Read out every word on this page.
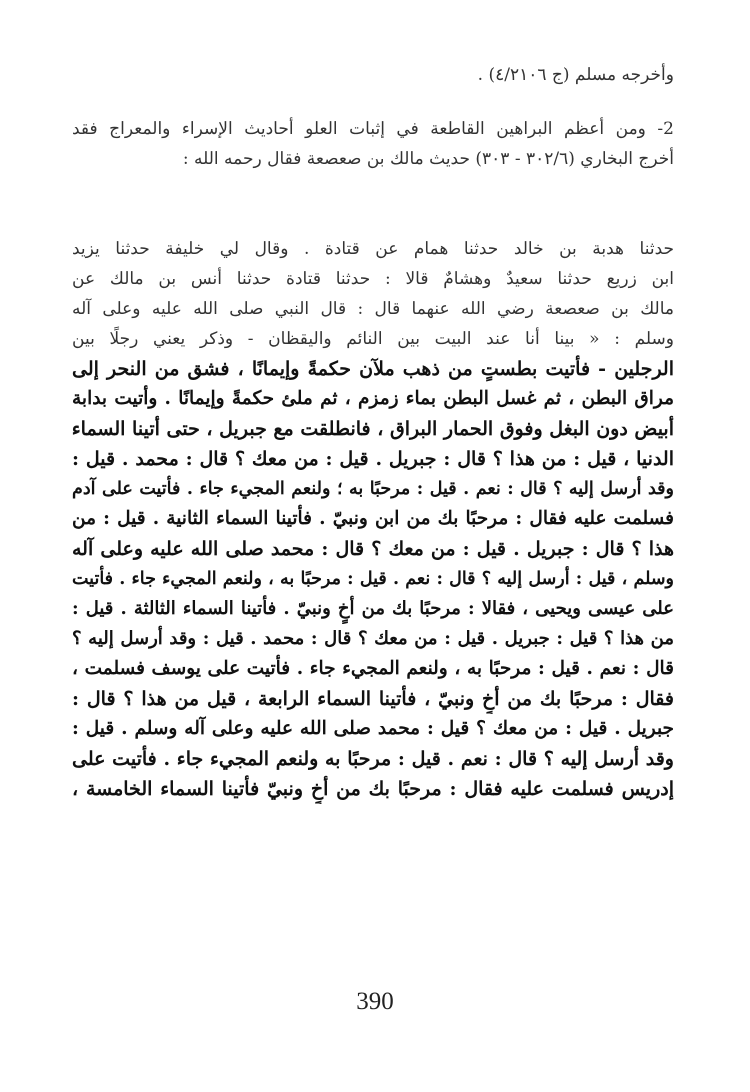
وأخرجه مسلم (ج ٤/٢١٠٦) .
2- ومن أعظم البراهين القاطعة في إثبات العلو أحاديث الإسراء والمعراج فقد
أخرج البخاري (٣٠٢/٦ - ٣٠٣) حديث مالك بن صعصعة فقال رحمه الله :
حدثنا هدبة بن خالد حدثنا همام عن قتادة . وقال لي خليفة حدثنا يزيد
ابن زريع حدثنا سعيدٌ وهشامٌ قالا : حدثنا قتادة حدثنا أنس بن مالك عن
مالك بن صعصعة رضي الله عنهما قال : قال النبي صلى الله عليه وعلى آله
وسلم : « بينا أنا عند البيت بين النائم واليقظان - وذكر يعني رجلًا بين
الرجلين - فأتيت بطستٍ من ذهب ملآن حكمةً وإيمانًا ، فشق من النحر إلى
مراق البطن ، ثم غسل البطن بماء زمزم ، ثم ملئ حكمةً وإيمانًا . وأتيت بدابة
أبيض دون البغل وفوق الحمار البراق ، فانطلقت مع جبريل ، حتى أتينا السماء
الدنيا ، قيل : من هذا ؟ قال : جبريل . قيل : من معك ؟ قال : محمد . قيل :
وقد أرسل إليه ؟ قال : نعم . قيل : مرحبًا به ؛ ولنعم المجيء جاء . فأتيت على آدم
فسلمت عليه فقال : مرحبًا بك من ابن ونبيّ . فأتينا السماء الثانية . قيل : من
هذا ؟ قال : جبريل . قيل : من معك ؟ قال : محمد صلى الله عليه وعلى آله
وسلم ، قيل : أرسل إليه ؟ قال : نعم . قيل : مرحبًا به ، ولنعم المجيء جاء . فأتيت
على عيسى ويحيى ، فقالا : مرحبًا بك من أخٍ ونبيّ . فأتينا السماء الثالثة . قيل :
من هذا ؟ قيل : جبريل . قيل : من معك ؟ قال : محمد . قيل : وقد أرسل إليه ؟
قال : نعم . قيل : مرحبًا به ، ولنعم المجيء جاء . فأتيت على يوسف فسلمت ،
فقال : مرحبًا بك من أخٍ ونبيّ ، فأتينا السماء الرابعة ، قيل من هذا ؟ قال :
جبريل . قيل : من معك ؟ قيل : محمد صلى الله عليه وعلى آله وسلم . قيل :
وقد أرسل إليه ؟ قال : نعم . قيل : مرحبًا به ولنعم المجيء جاء . فأتيت على
إدريس فسلمت عليه فقال : مرحبًا بك من أخٍ ونبيّ فأتينا السماء الخامسة ،
390
